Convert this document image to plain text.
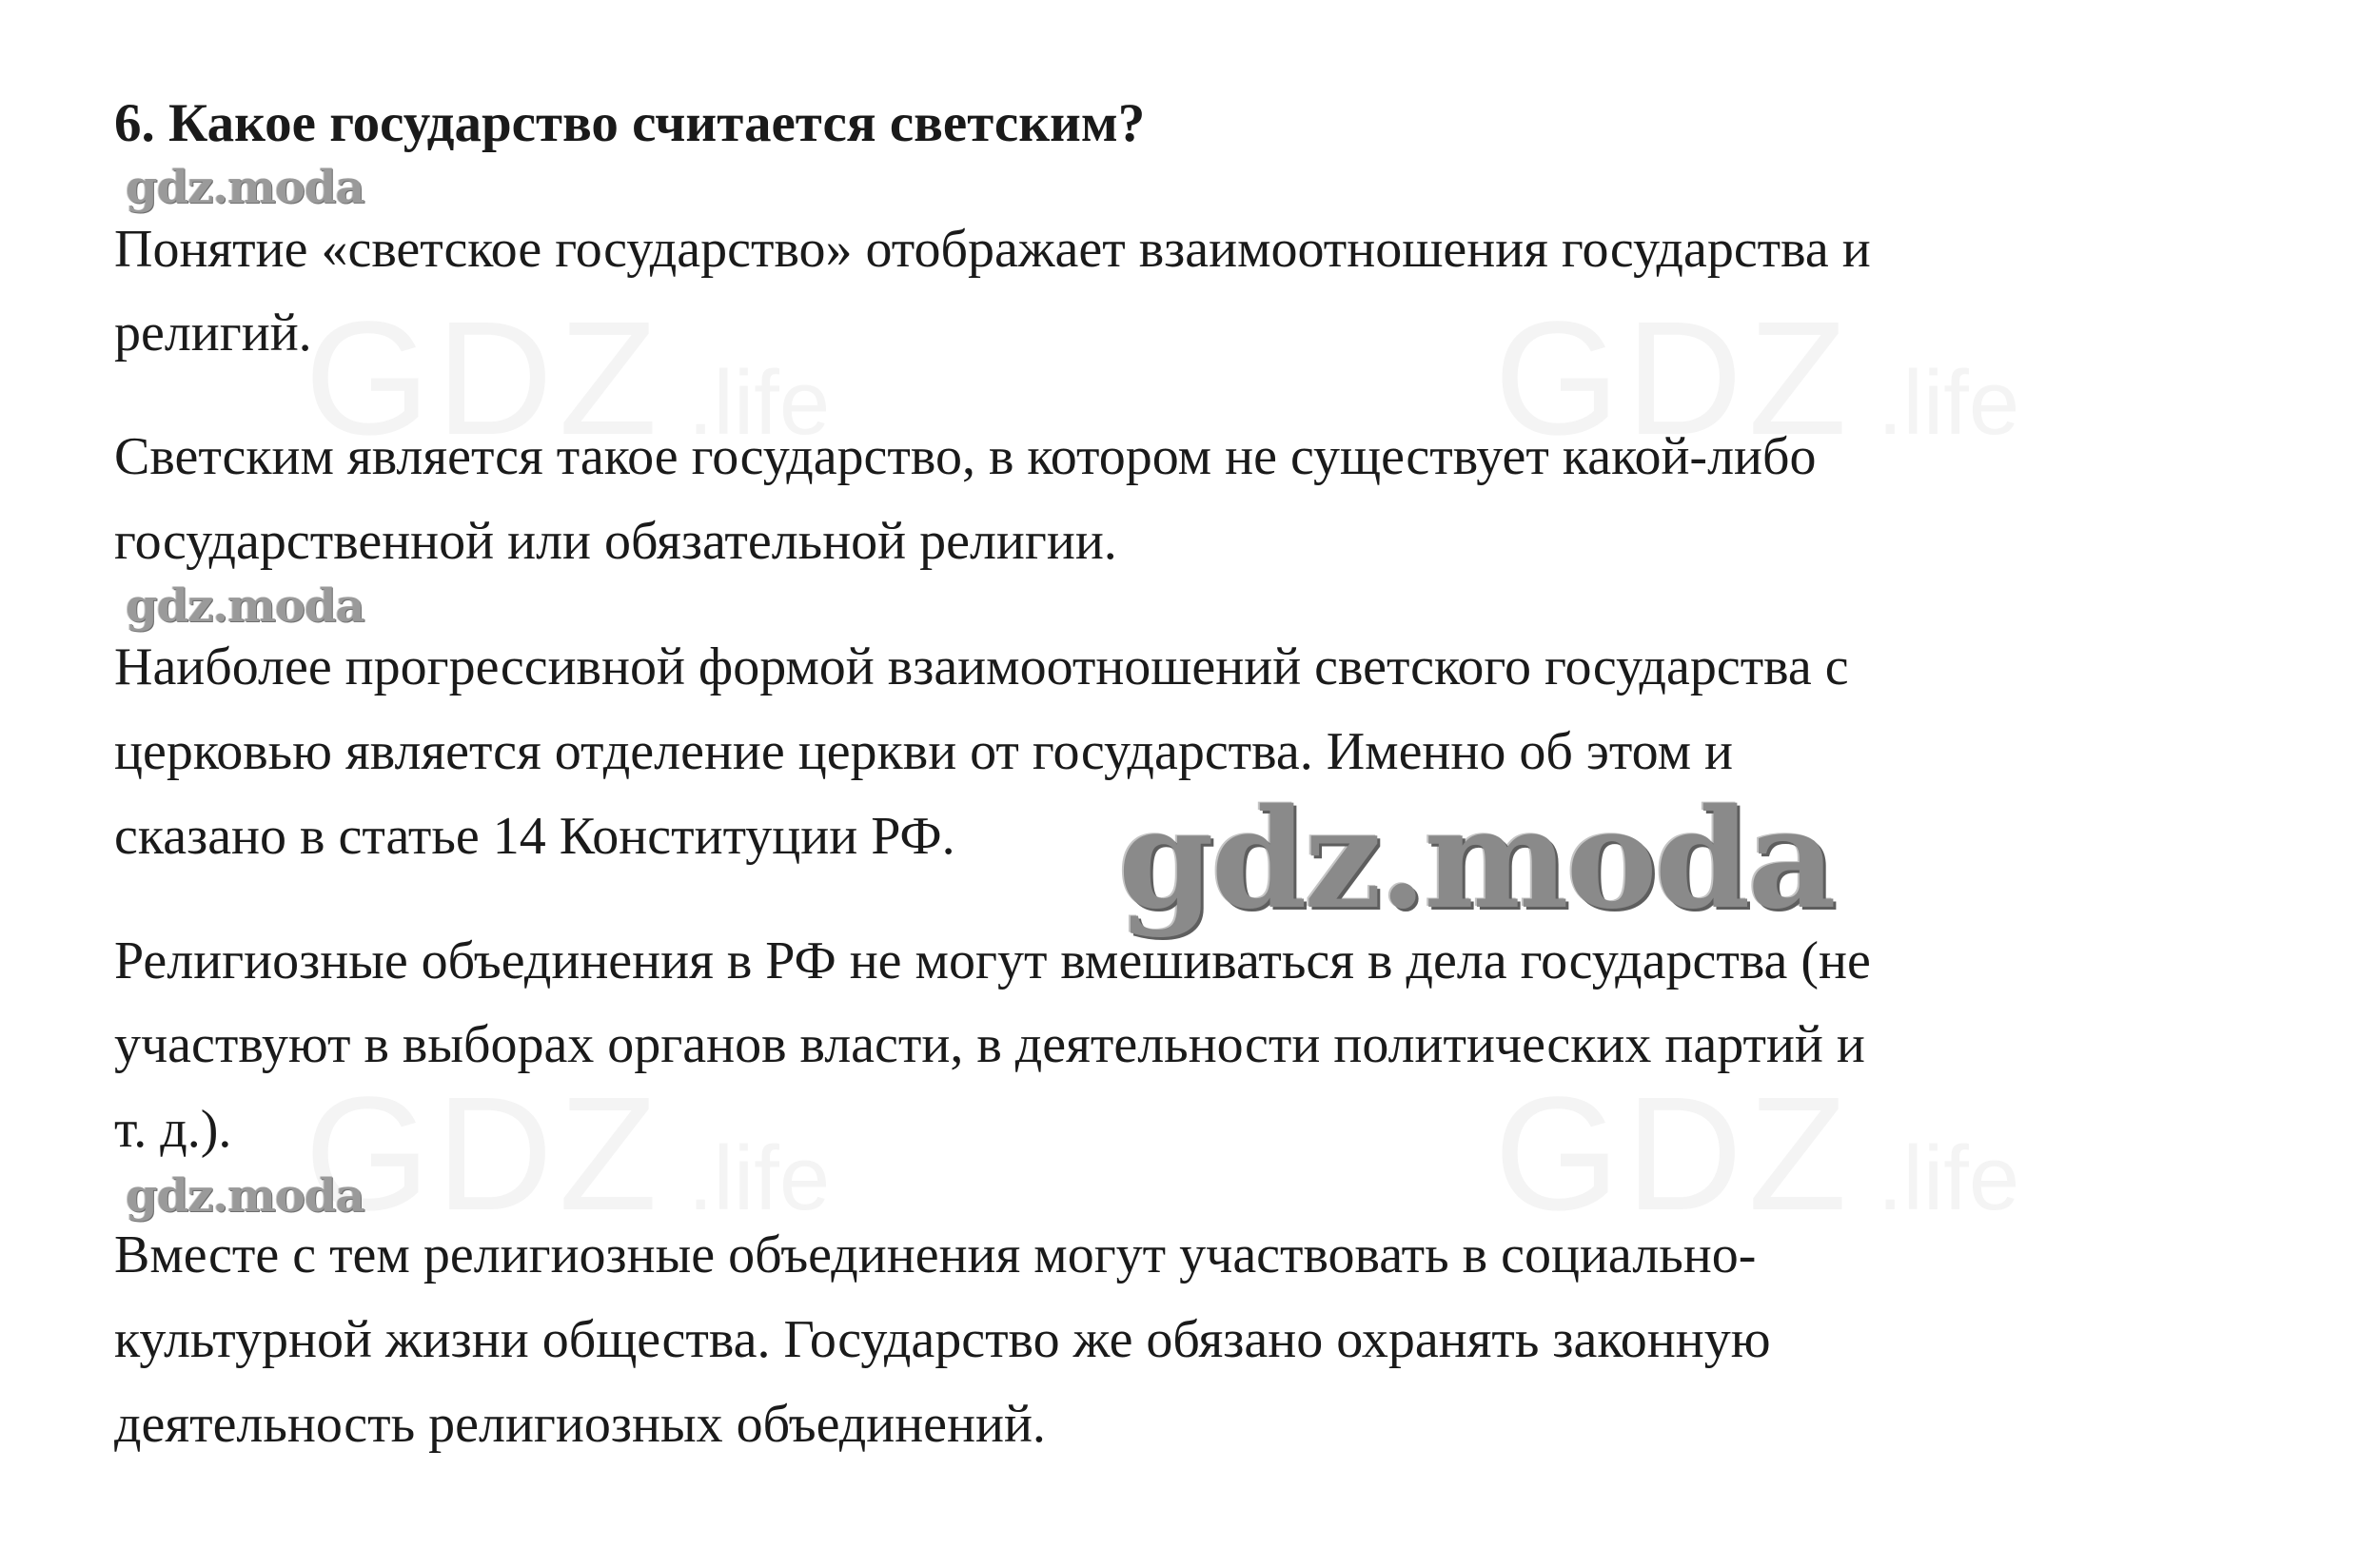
GDZ .life	GDZ .life
GDZ .life	GDZ .life
6. Какое государство считается светским?
gdz.moda
Понятие «светское государство» отображает взаимоотношения государства и
религий.
Светским является такое государство, в котором не существует какой-либо
государственной или обязательной религии.
gdz.moda
Наиболее прогрессивной формой взаимоотношений светского государства с
церковью является отделение церкви от государства. Именно об этом и
сказано в статье 14 Конституции РФ. gdz.moda
Религиозные объединения в РФ не могут вмешиваться в дела государства (не
участвуют в выборах органов власти, в деятельности политических партий и
т. д.).
gdz.moda
Вместе с тем религиозные объединения могут участвовать в социально-
культурной жизни общества. Государство же обязано охранять законную
деятельность религиозных объединений.
